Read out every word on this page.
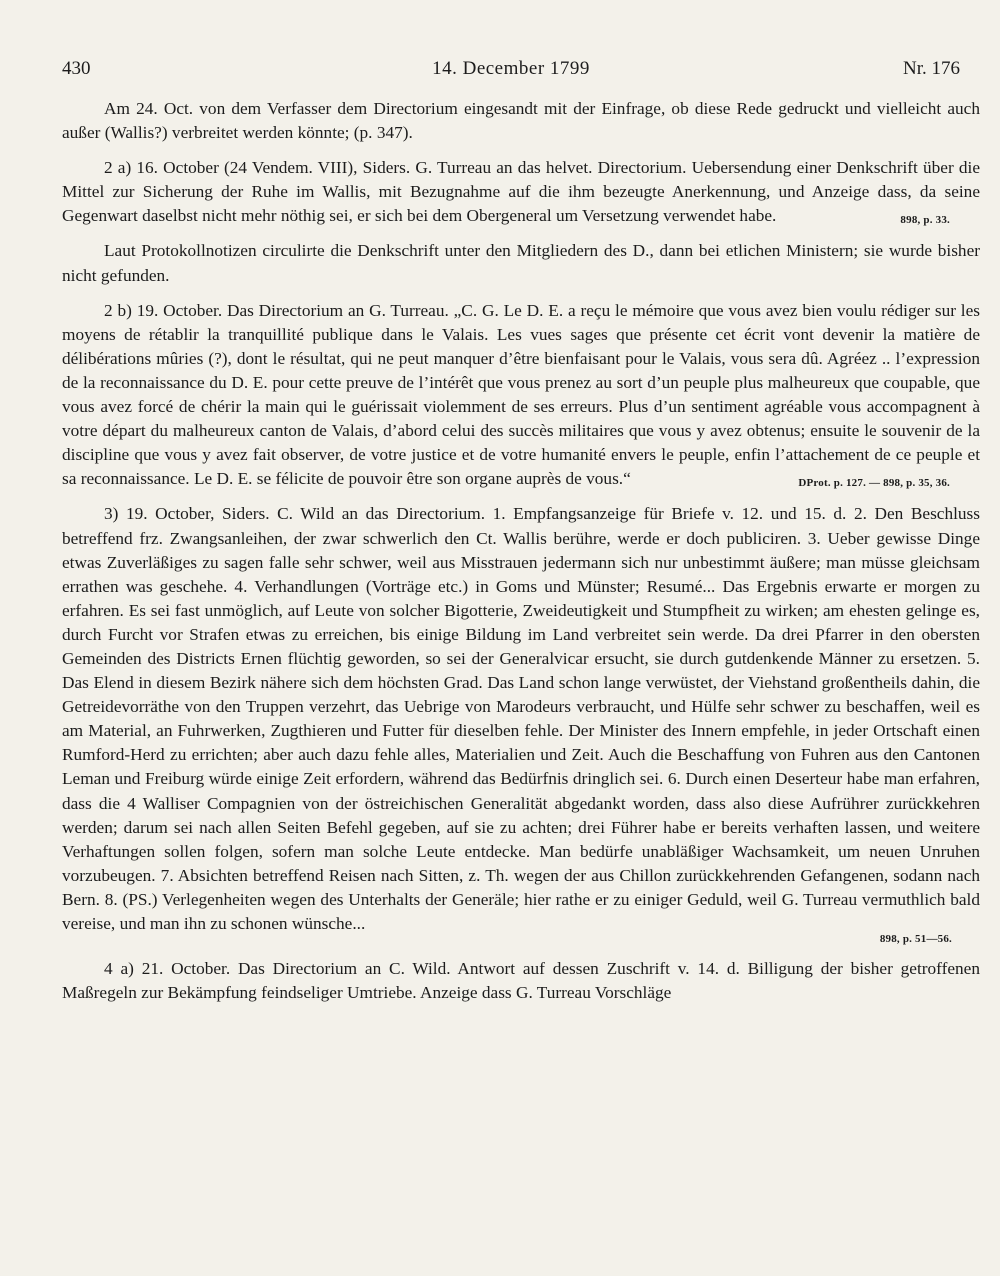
430	14. December 1799	Nr. 176

Am 24. Oct. von dem Verfasser dem Directorium eingesandt mit der Einfrage, ob diese Rede gedruckt und vielleicht auch außer (Wallis?) verbreitet werden könnte; (p. 347).

2 a) 16. October (24 Vendem. VIII), Siders. G. Turreau an das helvet. Directorium. Uebersendung einer Denkschrift über die Mittel zur Sicherung der Ruhe im Wallis, mit Bezugnahme auf die ihm bezeugte Anerkennung, und Anzeige dass, da seine Gegenwart daselbst nicht mehr nöthig sei, er sich bei dem Obergeneral um Versetzung verwendet habe.	898, p. 33.

Laut Protokollnotizen circulirte die Denkschrift unter den Mitgliedern des D., dann bei etlichen Ministern; sie wurde bisher nicht gefunden.

2 b) 19. October. Das Directorium an G. Turreau. „C. G. Le D. E. a reçu le mémoire que vous avez bien voulu rédiger sur les moyens de rétablir la tranquillité publique dans le Valais. Les vues sages que présente cet écrit vont devenir la matière de délibérations mûries (?), dont le résultat, qui ne peut manquer d’être bienfaisant pour le Valais, vous sera dû. Agréez .. l’expression de la reconnaissance du D. E. pour cette preuve de l’intérêt que vous prenez au sort d’un peuple plus malheureux que coupable, que vous avez forcé de chérir la main qui le guérissait violemment de ses erreurs. Plus d’un sentiment agréable vous accompagnent à votre départ du malheureux canton de Valais, d’abord celui des succès militaires que vous y avez obtenus; ensuite le souvenir de la discipline que vous y avez fait observer, de votre justice et de votre humanité envers le peuple, enfin l’attachement de ce peuple et sa reconnaissance. Le D. E. se félicite de pouvoir être son organe auprès de vous.“	DProt. p. 127. — 898, p. 35, 36.

3) 19. October, Siders. C. Wild an das Directorium. 1. Empfangsanzeige für Briefe v. 12. und 15. d. 2. Den Beschluss betreffend frz. Zwangsanleihen, der zwar schwerlich den Ct. Wallis berühre, werde er doch publiciren. 3. Ueber gewisse Dinge etwas Zuverläßiges zu sagen falle sehr schwer, weil aus Misstrauen jedermann sich nur unbestimmt äußere; man müsse gleichsam errathen was geschehe. 4. Verhandlungen (Vorträge etc.) in Goms und Münster; Resumé... Das Ergebnis erwarte er morgen zu erfahren. Es sei fast unmöglich, auf Leute von solcher Bigotterie, Zweideutigkeit und Stumpfheit zu wirken; am ehesten gelinge es, durch Furcht vor Strafen etwas zu erreichen, bis einige Bildung im Land verbreitet sein werde. Da drei Pfarrer in den obersten Gemeinden des Districts Ernen flüchtig geworden, so sei der Generalvicar ersucht, sie durch gutdenkende Männer zu ersetzen. 5. Das Elend in diesem Bezirk nähere sich dem höchsten Grad. Das Land schon lange verwüstet, der Viehstand großentheils dahin, die Getreidevorräthe von den Truppen verzehrt, das Uebrige von Marodeurs verbraucht, und Hülfe sehr schwer zu beschaffen, weil es am Material, an Fuhrwerken, Zugthieren und Futter für dieselben fehle. Der Minister des Innern empfehle, in jeder Ortschaft einen Rumford-Herd zu errichten; aber auch dazu fehle alles, Materialien und Zeit. Auch die Beschaffung von Fuhren aus den Cantonen Leman und Freiburg würde einige Zeit erfordern, während das Bedürfnis dringlich sei. 6. Durch einen Deserteur habe man erfahren, dass die 4 Walliser Compagnien von der östreichischen Generalität abgedankt worden, dass also diese Aufrührer zurückkehren werden; darum sei nach allen Seiten Befehl gegeben, auf sie zu achten; drei Führer habe er bereits verhaften lassen, und weitere Verhaftungen sollen folgen, sofern man solche Leute entdecke. Man bedürfe unabläßiger Wachsamkeit, um neuen Unruhen vorzubeugen. 7. Absichten betreffend Reisen nach Sitten, z. Th. wegen der aus Chillon zurückkehrenden Gefangenen, sodann nach Bern. 8. (PS.) Verlegenheiten wegen des Unterhalts der Generäle; hier rathe er zu einiger Geduld, weil G. Turreau vermuthlich bald vereise, und man ihn zu schonen wünsche...
898, p. 51—56.

4 a) 21. October. Das Directorium an C. Wild. Antwort auf dessen Zuschrift v. 14. d. Billigung der bisher getroffenen Maßregeln zur Bekämpfung feindseliger Umtriebe. Anzeige dass G. Turreau Vorschläge
